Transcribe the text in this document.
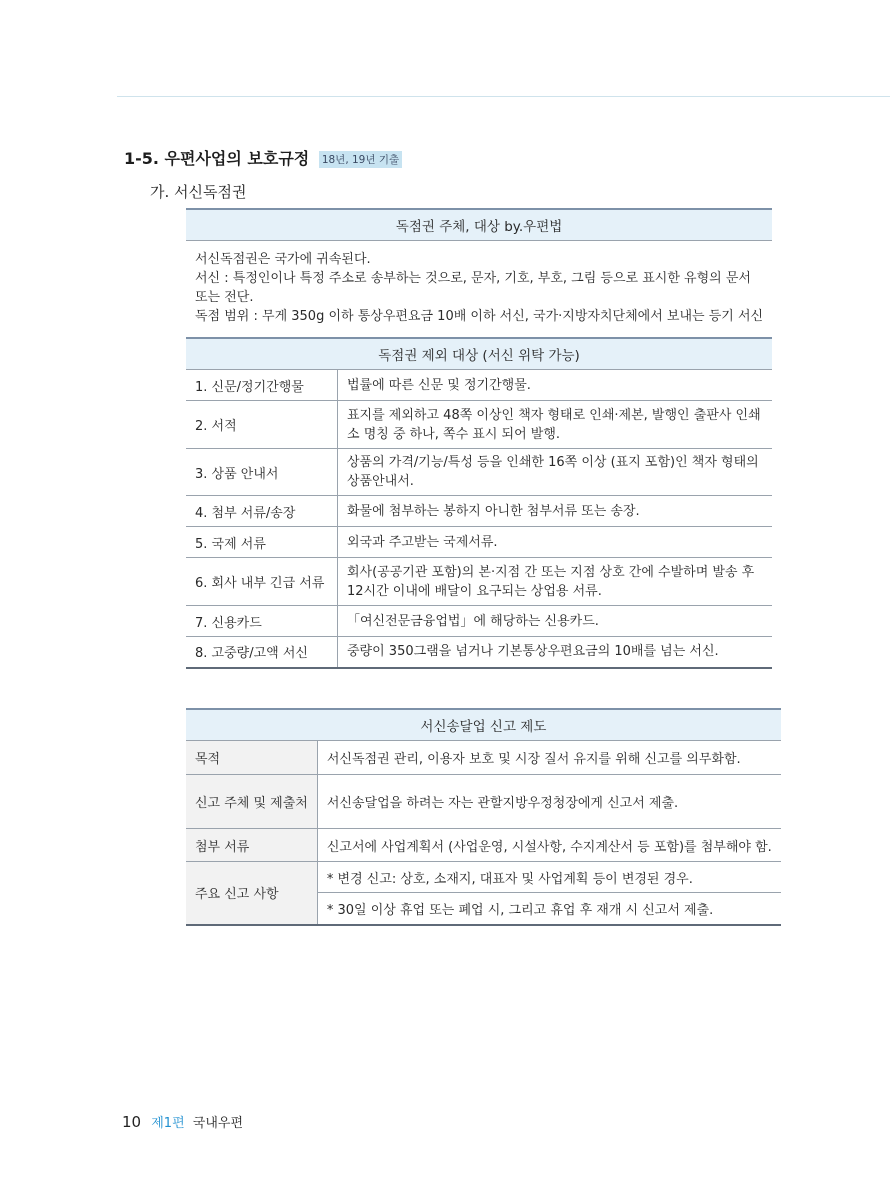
1-5. 우편사업의 보호규정 18년, 19년 기출
가. 서신독점권
독점권 주체, 대상 by.우편법	

서신독점권은 국가에 귀속된다.
서신 : 특정인이나 특정 주소로 송부하는 것으로, 문자, 기호, 부호, 그림 등으로 표시한 유형의 문서
또는 전단.
독점 범위 : 무게 350g 이하 통상우편요금 10배 이하 서신, 국가·지방자치단체에서 보내는 등기 서신	

독점권 제외 대상 (서신 위탁 가능)	
1. 신문/정기간행물	법률에 따른 신문 및 정기간행물.
2. 서적	표지를 제외하고 48쪽 이상인 책자 형태로 인쇄·제본, 발행인 출판사 인쇄소 명칭 중 하나, 쪽수 표시 되어 발행.
3. 상품 안내서	상품의 가격/기능/특성 등을 인쇄한 16쪽 이상 (표지 포함)인 책자 형태의 상품안내서.
4. 첨부 서류/송장	화물에 첨부하는 봉하지 아니한 첨부서류 또는 송장.
5. 국제 서류	외국과 주고받는 국제서류.
6. 회사 내부 긴급 서류	회사(공공기관 포함)의 본·지점 간 또는 지점 상호 간에 수발하며 발송 후 12시간 이내에 배달이 요구되는 상업용 서류.
7. 신용카드	「여신전문금융업법」에 해당하는 신용카드.
8. 고중량/고액 서신	중량이 350그램을 넘거나 기본통상우편요금의 10배를 넘는 서신.
서신송달업 신고 제도	
목적	서신독점권 관리, 이용자 보호 및 시장 질서 유지를 위해 신고를 의무화함.
신고 주체 및 제출처	서신송달업을 하려는 자는 관할지방우정청장에게 신고서 제출.
첨부 서류	신고서에 사업계획서 (사업운영, 시설사항, 수지계산서 등 포함)를 첨부해야 함.
주요 신고 사항	* 변경 신고: 상호, 소재지, 대표자 및 사업계획 등이 변경된 경우.
	* 30일 이상 휴업 또는 폐업 시, 그리고 휴업 후 재개 시 신고서 제출.
10 제1편 국내우편
